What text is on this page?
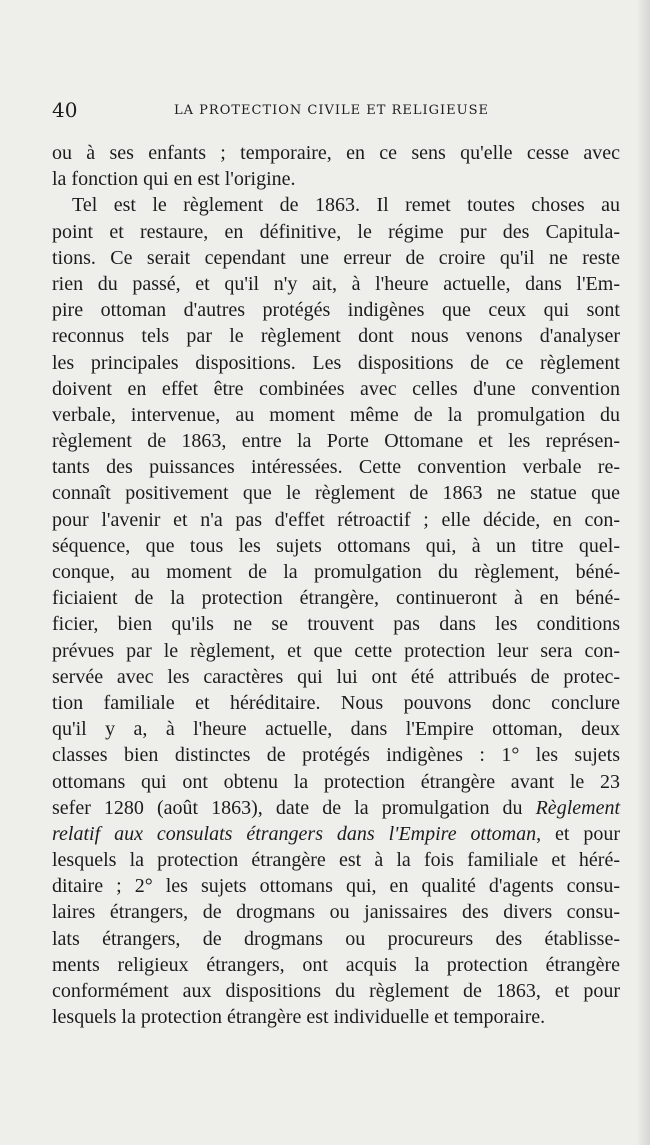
40	LA PROTECTION CIVILE ET RELIGIEUSE
ou à ses enfants ; temporaire, en ce sens qu'elle cesse avec
la fonction qui en est l'origine.
Tel est le règlement de 1863. Il remet toutes choses au
point et restaure, en définitive, le régime pur des Capitula-
tions. Ce serait cependant une erreur de croire qu'il ne reste
rien du passé, et qu'il n'y ait, à l'heure actuelle, dans l'Em-
pire ottoman d'autres protégés indigènes que ceux qui sont
reconnus tels par le règlement dont nous venons d'analyser
les principales dispositions. Les dispositions de ce règlement
doivent en effet être combinées avec celles d'une convention
verbale, intervenue, au moment même de la promulgation du
règlement de 1863, entre la Porte Ottomane et les représen-
tants des puissances intéressées. Cette convention verbale re-
connaît positivement que le règlement de 1863 ne statue que
pour l'avenir et n'a pas d'effet rétroactif ; elle décide, en con-
séquence, que tous les sujets ottomans qui, à un titre quel-
conque, au moment de la promulgation du règlement, béné-
ficiaient de la protection étrangère, continueront à en béné-
ficier, bien qu'ils ne se trouvent pas dans les conditions
prévues par le règlement, et que cette protection leur sera con-
servée avec les caractères qui lui ont été attribués de protec-
tion familiale et héréditaire. Nous pouvons donc conclure
qu'il y a, à l'heure actuelle, dans l'Empire ottoman, deux
classes bien distinctes de protégés indigènes : 1° les sujets
ottomans qui ont obtenu la protection étrangère avant le 23
sefer 1280 (août 1863), date de la promulgation du Règlement
relatif aux consulats étrangers dans l'Empire ottoman, et pour
lesquels la protection étrangère est à la fois familiale et héré-
ditaire ; 2° les sujets ottomans qui, en qualité d'agents consu-
laires étrangers, de drogmans ou janissaires des divers consu-
lats étrangers, de drogmans ou procureurs des établisse-
ments religieux étrangers, ont acquis la protection étrangère
conformément aux dispositions du règlement de 1863, et pour
lesquels la protection étrangère est individuelle et temporaire.
